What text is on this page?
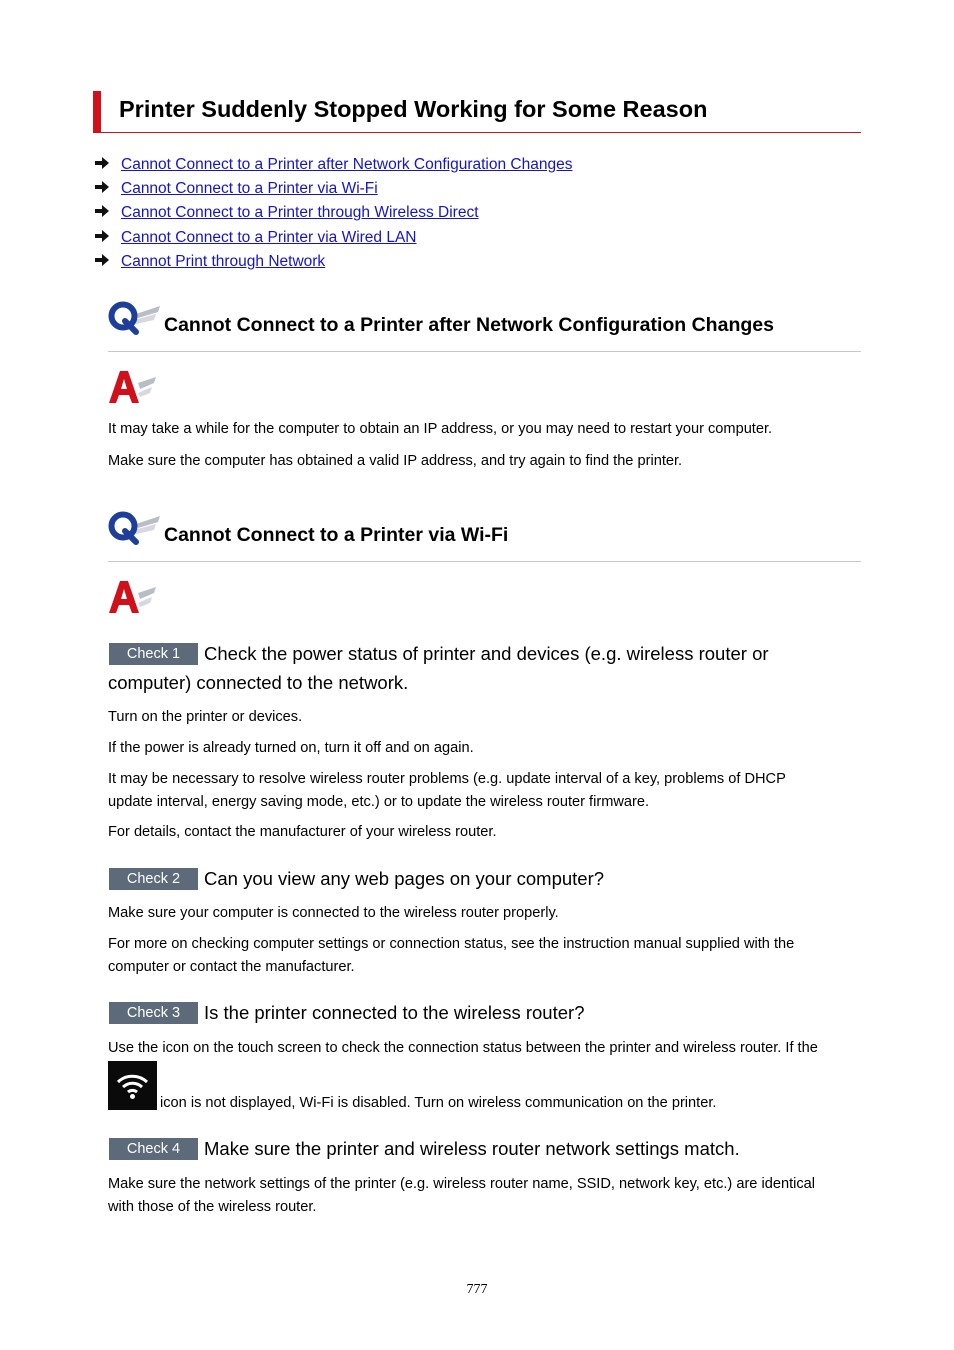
Printer Suddenly Stopped Working for Some Reason
Cannot Connect to a Printer after Network Configuration Changes
Cannot Connect to a Printer via Wi-Fi
Cannot Connect to a Printer through Wireless Direct
Cannot Connect to a Printer via Wired LAN
Cannot Print through Network
Cannot Connect to a Printer after Network Configuration Changes
It may take a while for the computer to obtain an IP address, or you may need to restart your computer.
Make sure the computer has obtained a valid IP address, and try again to find the printer.
Cannot Connect to a Printer via Wi-Fi
Check 1	Check the power status of printer and devices (e.g. wireless router or
computer) connected to the network.
Turn on the printer or devices.
If the power is already turned on, turn it off and on again.
It may be necessary to resolve wireless router problems (e.g. update interval of a key, problems of DHCP
update interval, energy saving mode, etc.) or to update the wireless router firmware.
For details, contact the manufacturer of your wireless router.
Check 2	Can you view any web pages on your computer?
Make sure your computer is connected to the wireless router properly.
For more on checking computer settings or connection status, see the instruction manual supplied with the
computer or contact the manufacturer.
Check 3	Is the printer connected to the wireless router?
Use the icon on the touch screen to check the connection status between the printer and wireless router. If the
icon is not displayed, Wi-Fi is disabled. Turn on wireless communication on the printer.
Check 4	Make sure the printer and wireless router network settings match.
Make sure the network settings of the printer (e.g. wireless router name, SSID, network key, etc.) are identical
with those of the wireless router.
777
